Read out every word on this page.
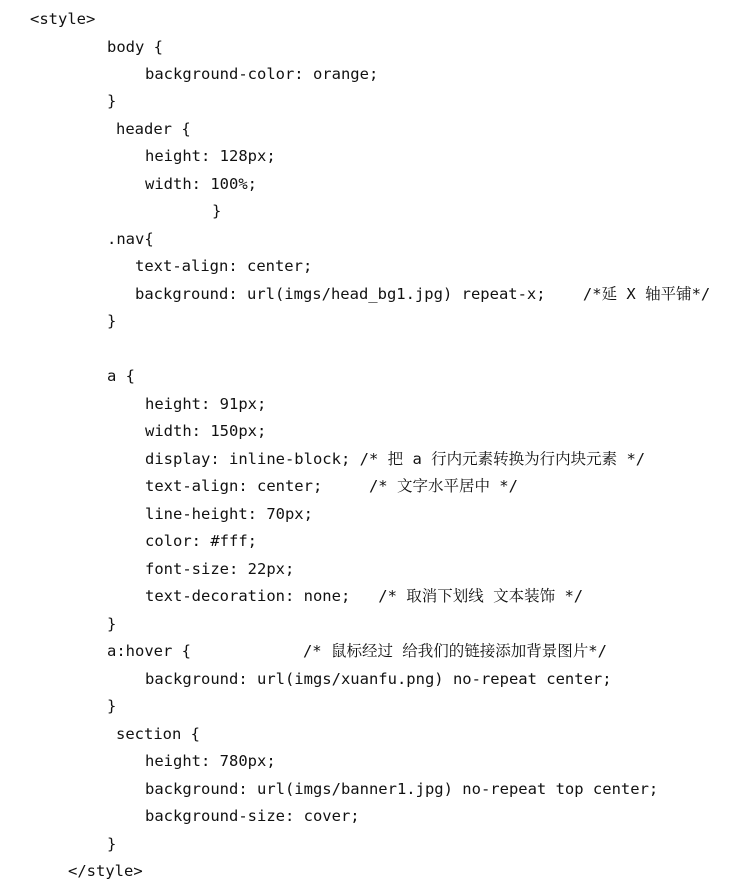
<style>
body {
background-color: orange;
}
header {
height: 128px;
width: 100%;
}
.nav{
text-align: center;
background: url(imgs/head_bg1.jpg) repeat-x;    /*延 X 轴平铺*/
}
a {
height: 91px;
width: 150px;
display: inline-block; /* 把 a 行内元素转换为行内块元素 */
text-align: center;     /* 文字水平居中 */
line-height: 70px;
color: #fff;
font-size: 22px;
text-decoration: none;   /* 取消下划线 文本装饰 */
}
a:hover {            /* 鼠标经过 给我们的链接添加背景图片*/
background: url(imgs/xuanfu.png) no-repeat center;
}
section {
height: 780px;
background: url(imgs/banner1.jpg) no-repeat top center;
background-size: cover;
}
</style>
